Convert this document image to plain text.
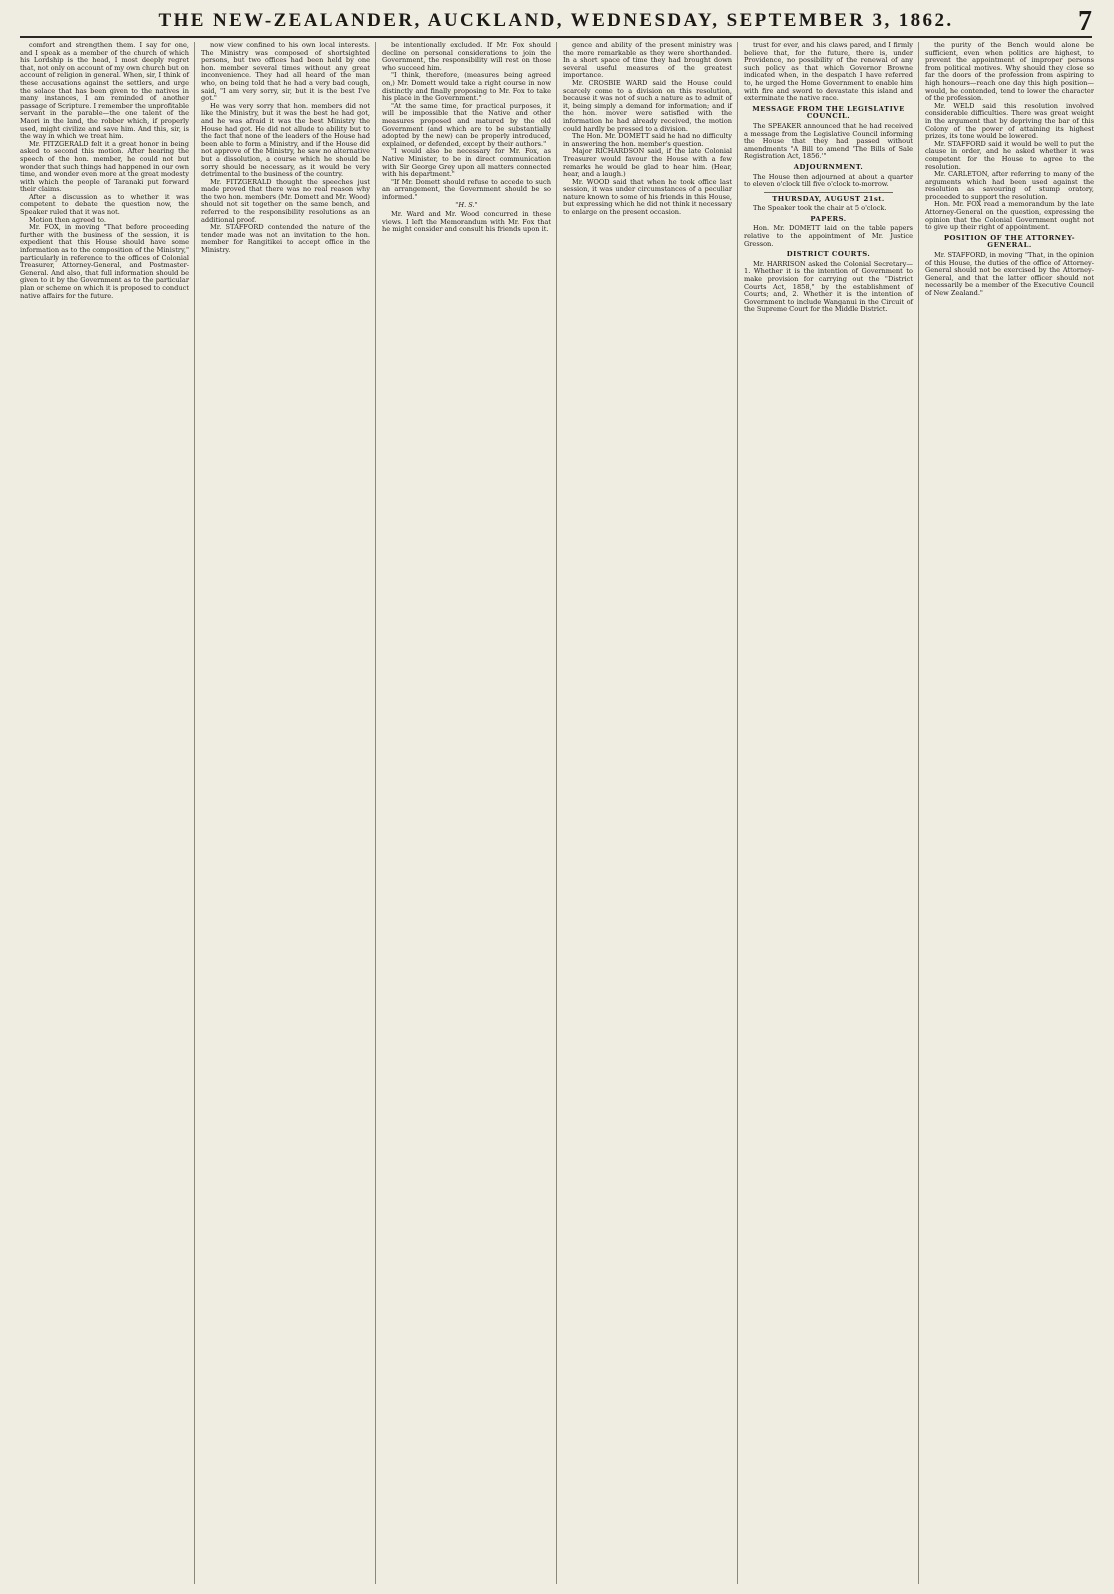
THE NEW-ZEALANDER, AUCKLAND, WEDNESDAY, SEPTEMBER 3, 1862.	7

comfort and strengthen them. I say for one, and I speak as a member of the church of which his Lordship is the head, I most deeply regret that, not only on account of my own church but on account of religion in general. When, sir, I think of these accusations against the settlers, and urge the solace that has been given to the natives in many instances, I am reminded of another passage of Scripture. I remember the unprofitable servant in the parable—the one talent of the Maori in the land, the robber which, if properly used, might civilize and save him. And this, sir, is the way in which we treat him.

Mr. FITZGERALD felt it a great honor in being asked to second this motion. After hearing the speech of the hon. member, he could not but wonder that such things had happened in our own time, and wonder even more at the great modesty with which the people of Taranaki put forward their claims.

After a discussion as to whether it was competent to debate the question now, the Speaker ruled that it was not.

Motion then agreed to.

Mr. FOX, in moving "That before proceeding further with the business of the session, it is expedient that this House should have some information as to the composition of the Ministry," particularly in reference to the offices of Colonial Treasurer, Attorney-General, and Postmaster-General. And also, that full information should be given to it by the Government as to the particular plan or scheme on which it is proposed to conduct native affairs for the future.

now view confined to his own local interests. The Ministry was composed of shortsighted persons, but two offices had been held by one hon. member several times without any great inconvenience. They had all heard of the man who, on being told that he had a very bad cough, said, "I am very sorry, sir, but it is the best I've got."

He was very sorry that hon. members did not like the Ministry, but it was the best he had got, and he was afraid it was the best Ministry the House had got. He did not allude to ability but to the fact that none of the leaders of the House had been able to form a Ministry, and if the House did not approve of the Ministry, he saw no alternative but a dissolution, a course which he should be sorry should be necessary, as it would be very detrimental to the business of the country.

Mr. FITZGERALD thought the speeches just made proved that there was no real reason why the two hon. members (Mr. Domett and Mr. Wood) should not sit together on the same bench, and referred to the responsibility resolutions as an additional proof.

Mr. STAFFORD contended the nature of the tender made was not an invitation to the hon. member for Rangitikei to accept office in the Ministry.

be intentionally excluded. If Mr. Fox should decline on personal considerations to join the Government, the responsibility will rest on those who succeed him.

"I think, therefore, (measures being agreed on,) Mr. Domett would take a right course in now distinctly and finally proposing to Mr. Fox to take his place in the Government."

"At the same time, for practical purposes, it will be impossible that the Native and other measures proposed and matured by the old Government (and which are to be substantially adopted by the new) can be properly introduced, explained, or defended, except by their authors."

"I would also be necessary for Mr. Fox, as Native Minister, to be in direct communication with Sir George Grey upon all matters connected with his department."

"If Mr. Domett should refuse to accede to such an arrangement, the Government should be so informed."

"H. S."

Mr. Ward and Mr. Wood concurred in these views. I left the Memorandum with Mr. Fox that he might consider and consult his friends upon it.

gence and ability of the present ministry was the more remarkable as they were shorthanded. In a short space of time they had brought down several useful measures of the greatest importance.

Mr. CROSBIE WARD said the House could scarcely come to a division on this resolution, because it was not of such a nature as to admit of it, being simply a demand for information; and if the hon. mover were satisfied with the information he had already received, the motion could hardly be pressed to a division.

The Hon. Mr. DOMETT said he had no difficulty in answering the hon. member's question.

Major RICHARDSON said, if the late Colonial Treasurer would favour the House with a few remarks he would be glad to hear him. (Hear, hear, and a laugh.)

Mr. WOOD said that when he took office last session, it was under circumstances of a peculiar nature known to some of his friends in this House, but expressing which he did not think it necessary to enlarge on the present occasion.

trust for ever, and his claws pared, and I firmly believe that, for the future, there is, under Providence, no possibility of the renewal of any such policy as that which Governor Browne indicated when, in the despatch I have referred to, he urged the Home Government to enable him with fire and sword to devastate this island and exterminate the native race.

MESSAGE FROM THE LEGISLATIVE COUNCIL.

The SPEAKER announced that he had received a message from the Legislative Council informing the House that they had passed without amendments "A Bill to amend 'The Bills of Sale Registration Act, 1856.'"

ADJOURNMENT.

The House then adjourned at about a quarter to eleven o'clock till five o'clock to-morrow.

THURSDAY, AUGUST 21st.

The Speaker took the chair at 5 o'clock.

PAPERS.

Hon. Mr. DOMETT laid on the table papers relative to the appointment of Mr. Justice Gresson.

DISTRICT COURTS.

Mr. HARRISON asked the Colonial Secretary—1. Whether it is the intention of Government to make provision for carrying out the "District Courts Act, 1858," by the establishment of Courts; and, 2. Whether it is the intention of Government to include Wanganui in the Circuit of the Supreme Court for the Middle District.

the purity of the Bench would alone be sufficient, even when politics are highest, to prevent the appointment of improper persons from political motives. Why should they close so far the doors of the profession from aspiring to high honours—reach one day this high position—would, he contended, tend to lower the character of the profession.

Mr. WELD said this resolution involved considerable difficulties. There was great weight in the argument that by depriving the bar of this Colony of the power of attaining its highest prizes, its tone would be lowered.

Mr. STAFFORD said it would be well to put the clause in order, and he asked whether it was competent for the House to agree to the resolution.

Mr. CARLETON, after referring to many of the arguments which had been used against the resolution as savouring of stump oratory, proceeded to support the resolution.

Hon. Mr. FOX read a memorandum by the late Attorney-General on the question, expressing the opinion that the Colonial Government ought not to give up their right of appointment.

POSITION OF THE ATTORNEY-GENERAL.

Mr. STAFFORD, in moving "That, in the opinion of this House, the duties of the office of Attorney-General should not be exercised by the Attorney-General, and that the latter officer should not necessarily be a member of the Executive Council of New Zealand."
